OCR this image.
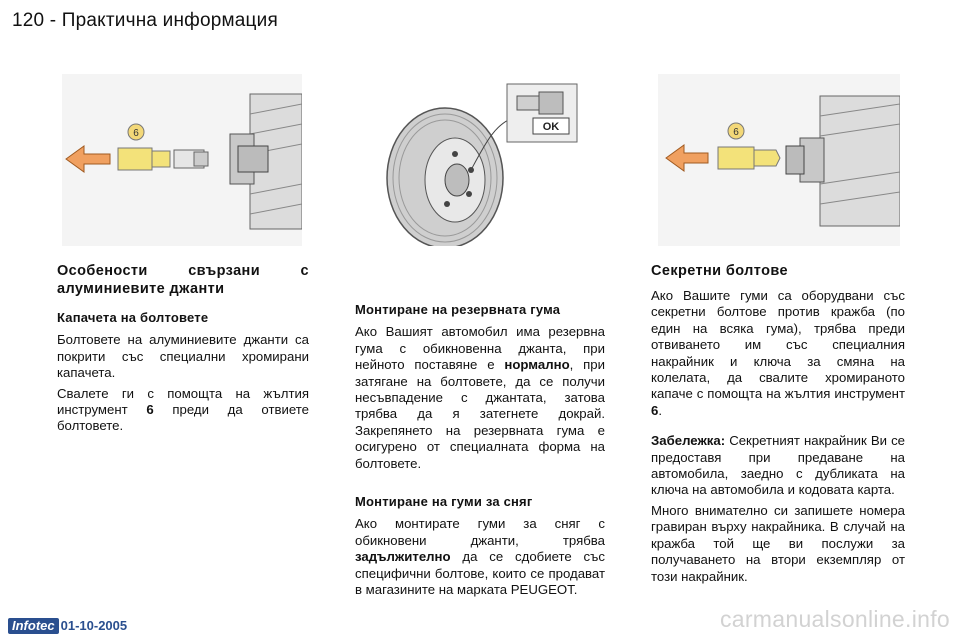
120 - Практична информация
6
OK	6

Особености свързани с алуминиевите джанти

Капачета на болтовете

Болтовете на алуминиевите джанти са покрити със специални хромирани капачета.

Свалете ги с помощта на жълтия инструмент 6 преди да отвиете болтовете.

Монтиране на резервната гума

Ако Вашият автомобил има резервна гума с обикновенна джанта, при нейното поставяне е нормално, при затягане на болтовете, да се получи несъвпадение с джантата, затова трябва да я затегнете докрай. Закрепянето на резервната гума е осигурено от специалната форма на болтовете.

Монтиране на гуми за сняг

Ако монтирате гуми за сняг с обикновени джанти, трябва задължително да се сдобиете със специфични болтове, които се продават в магазините на марката PEUGEOT.

Секретни болтове

Ако Вашите гуми са оборудвани със секретни болтове против кражба (по един на всяка гума), трябва преди отвиването им със специалния накрайник и ключа за смяна на колелата, да свалите хромираното капаче с помощта на жълтия инструмент 6.

Забележка: Секретният накрайник Ви се предоставя при предаване на автомобила, заедно с дубликата на ключа на автомобила и кодовата карта.

Много внимателно си запишете номера гравиран върху накрайника. В случай на кражба той ще ви послужи за получаването на втори екземпляр от този накрайник.

Infotec 01-10-2005	carmanualsonline.info
